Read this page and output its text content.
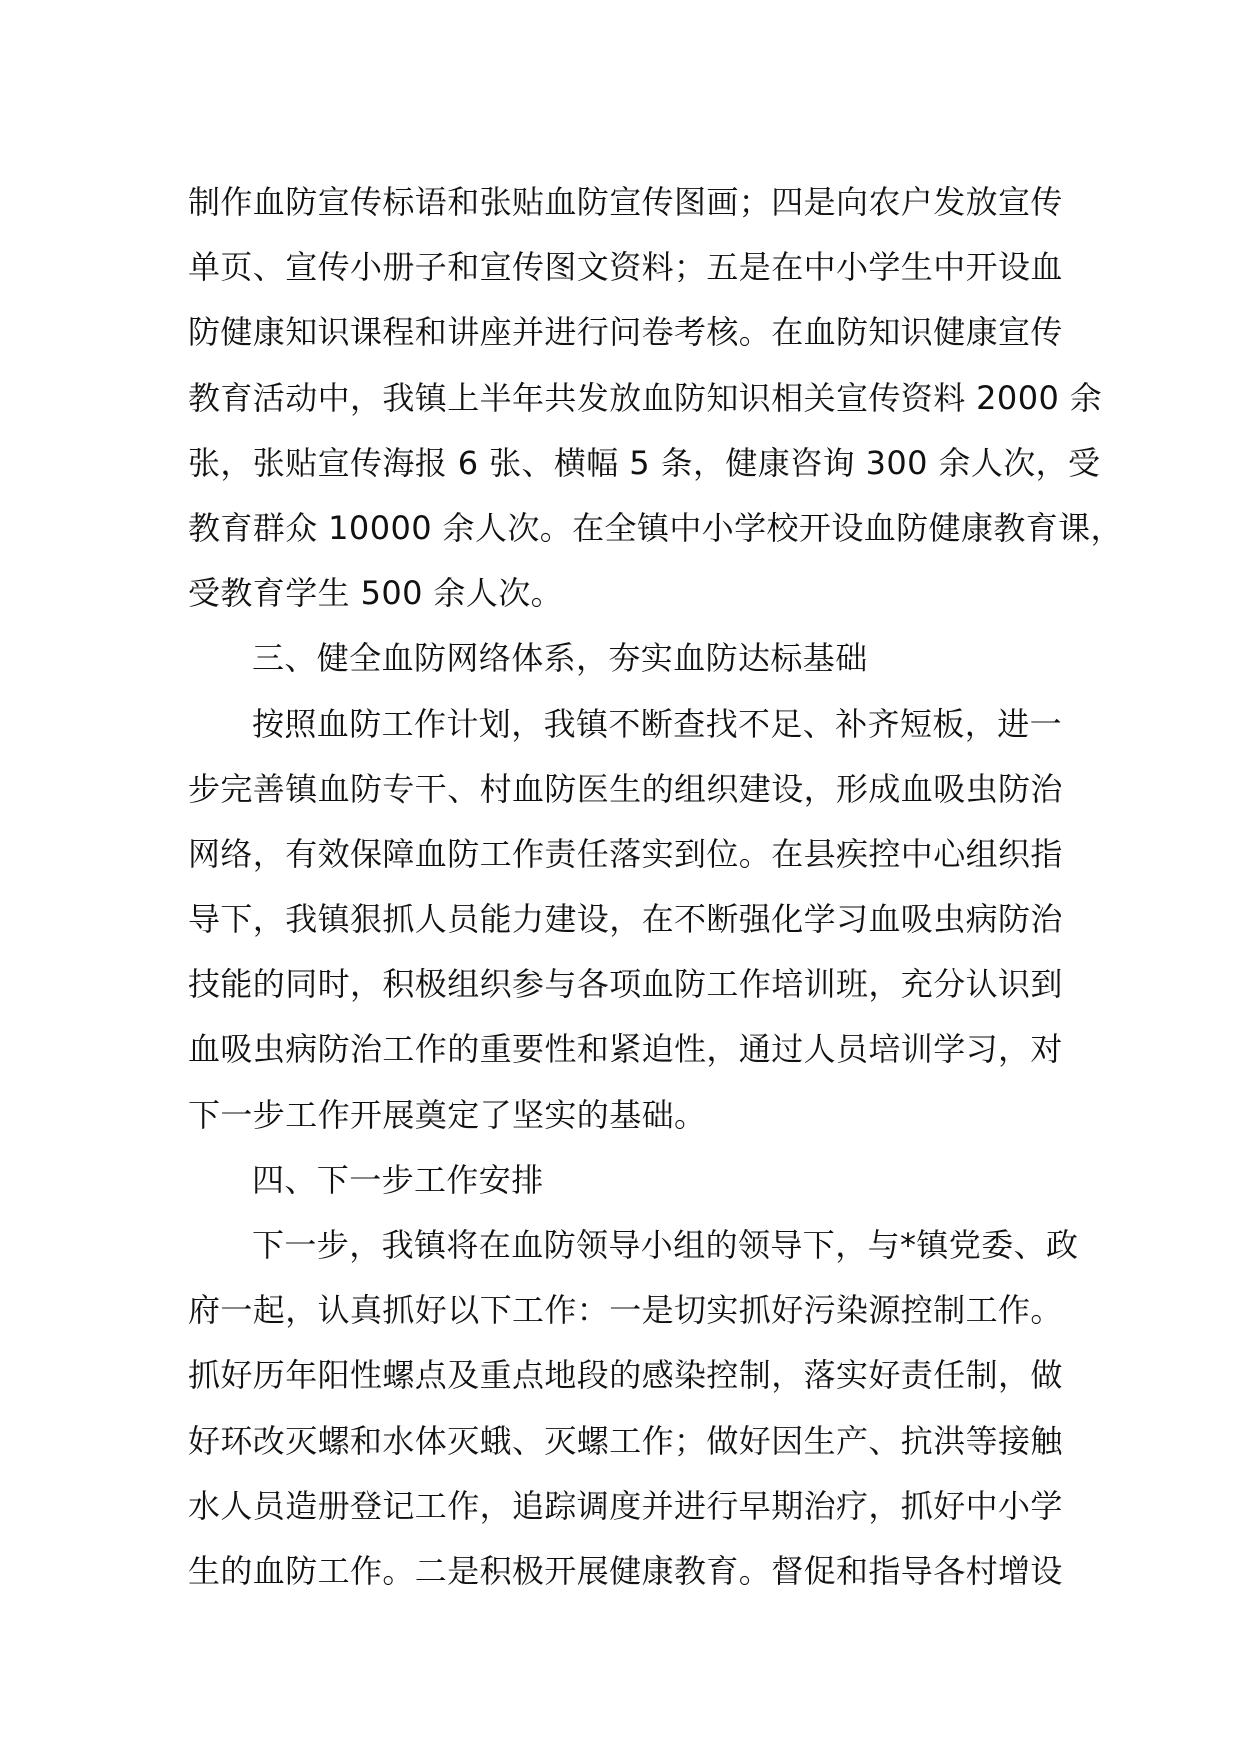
制作血防宣传标语和张贴血防宣传图画；四是向农户发放宣传
单页、宣传小册子和宣传图文资料；五是在中小学生中开设血
防健康知识课程和讲座并进行问卷考核。在血防知识健康宣传
教育活动中，我镇上半年共发放血防知识相关宣传资料 2000 余
张，张贴宣传海报 6 张、横幅 5 条，健康咨询 300 余人次，受
教育群众 10000 余人次。在全镇中小学校开设血防健康教育课，
受教育学生 500 余人次。
三、健全血防网络体系，夯实血防达标基础
按照血防工作计划，我镇不断查找不足、补齐短板，进一
步完善镇血防专干、村血防医生的组织建设，形成血吸虫防治
网络，有效保障血防工作责任落实到位。在县疾控中心组织指
导下，我镇狠抓人员能力建设，在不断强化学习血吸虫病防治
技能的同时，积极组织参与各项血防工作培训班，充分认识到
血吸虫病防治工作的重要性和紧迫性，通过人员培训学习，对
下一步工作开展奠定了坚实的基础。
四、下一步工作安排
下一步，我镇将在血防领导小组的领导下，与*镇党委、政
府一起，认真抓好以下工作：一是切实抓好污染源控制工作。
抓好历年阳性螺点及重点地段的感染控制，落实好责任制，做
好环改灭螺和水体灭蛾、灭螺工作；做好因生产、抗洪等接触
水人员造册登记工作，追踪调度并进行早期治疗，抓好中小学
生的血防工作。二是积极开展健康教育。督促和指导各村增设
